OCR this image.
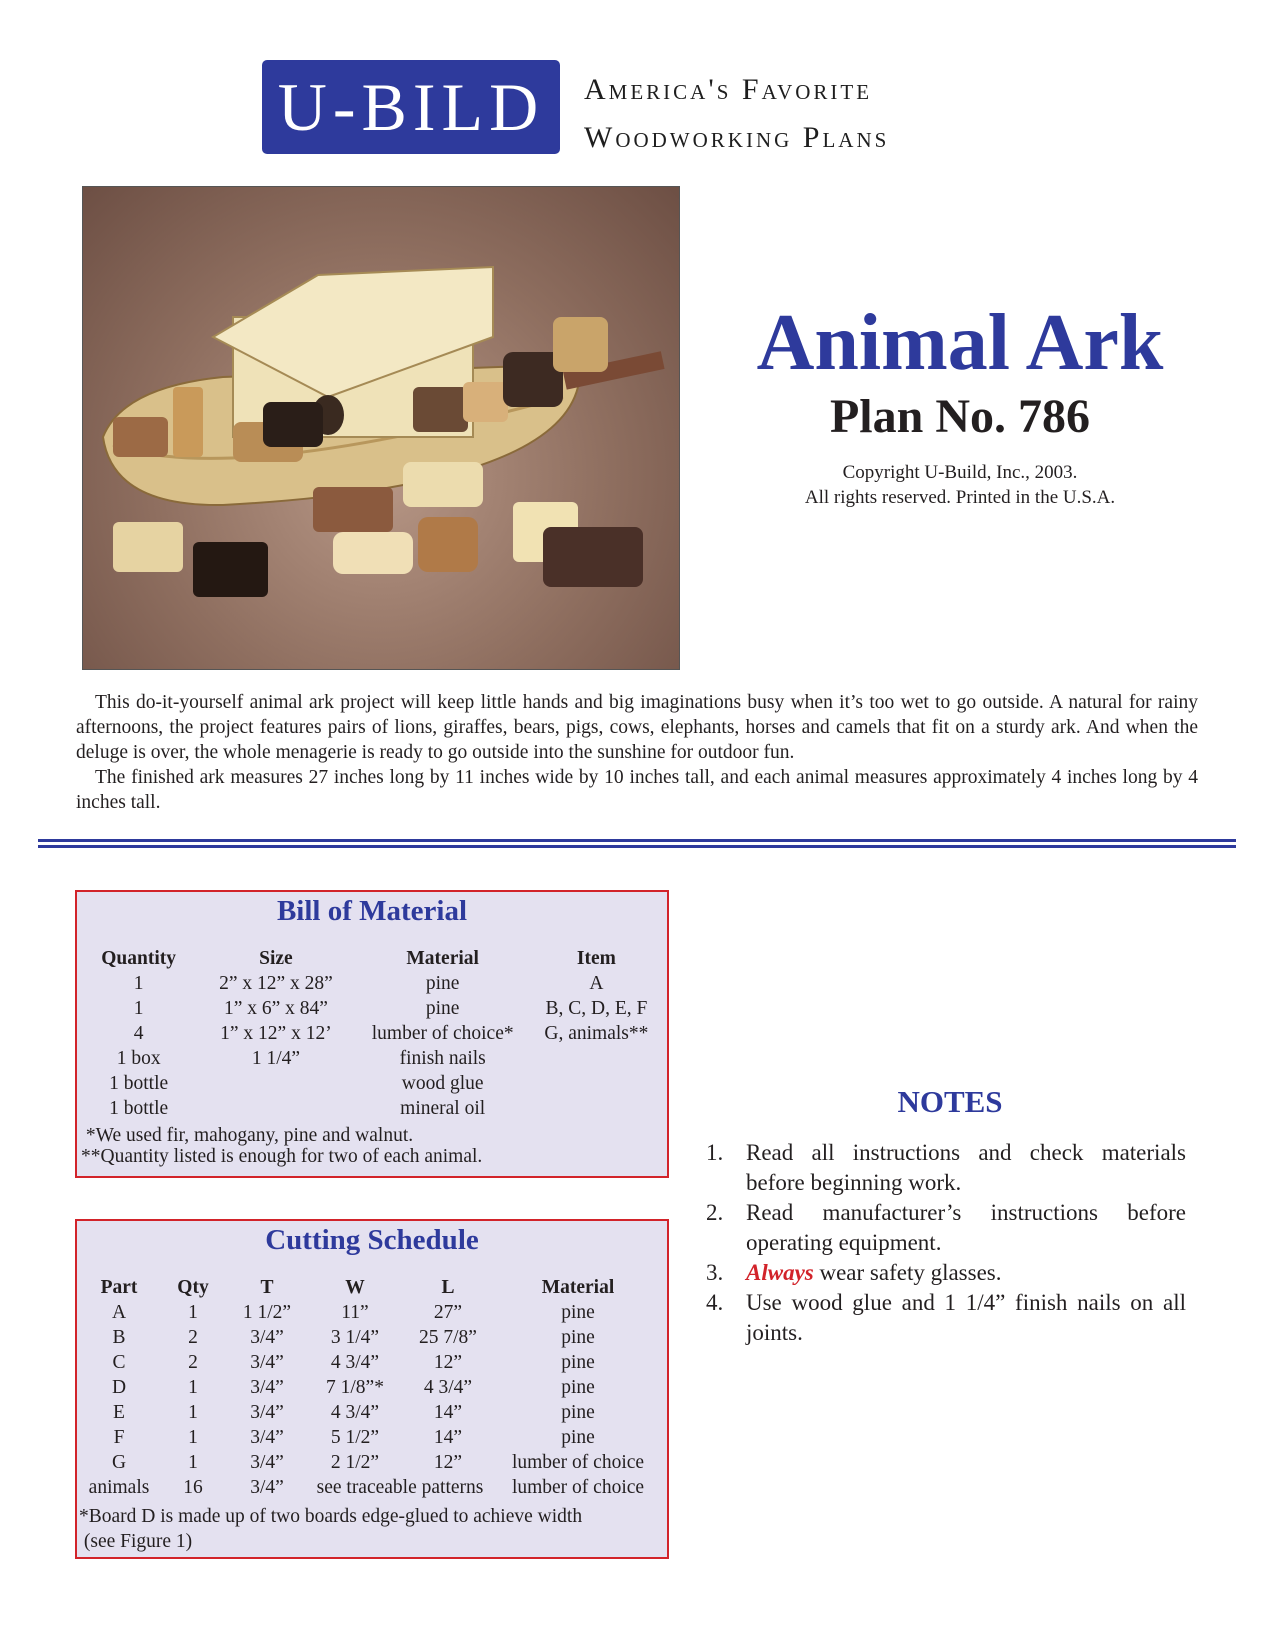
U-BILD America's Favorite
Woodworking Plans
Animal Ark
Plan No. 786
Copyright U-Build, Inc., 2003.
All rights reserved. Printed in the U.S.A.

This do-it-yourself animal ark project will keep little hands and big imaginations busy when it’s too wet to go outside. A natural for rainy afternoons, the project features pairs of lions, giraffes, bears, pigs, cows, elephants, horses and camels that fit on a sturdy ark. And when the deluge is over, the whole menagerie is ready to go outside into the sunshine for outdoor fun.

The finished ark measures 27 inches long by 11 inches wide by 10 inches tall, and each animal measures approximately 4 inches long by 4 inches tall.

Bill of Material
Quantity	Size	Material	Item
1	2” x 12” x 28”	pine	A
1	1” x 6” x 84”	pine	B, C, D, E, F
4	1” x 12” x 12’	lumber of choice*	G, animals**
1 box	1 1/4”	finish nails	
1 bottle		wood glue	
1 bottle		mineral oil	
*We used fir, mahogany, pine and walnut.
**Quantity listed is enough for two of each animal.
Cutting Schedule
Part	Qty	T	W	L	Material
A	1	1 1/2”	11”	27”	pine
B	2	3/4”	3 1/4”	25 7/8”	pine
C	2	3/4”	4 3/4”	12”	pine
D	1	3/4”	7 1/8”*	4 3/4”	pine
E	1	3/4”	4 3/4”	14”	pine
F	1	3/4”	5 1/2”	14”	pine
G	1	3/4”	2 1/2”	12”	lumber of choice
animals	16	3/4”	see traceable patterns		lumber of choice
*Board D is made up of two boards edge-glued to achieve width
(see Figure 1)
NOTES
1. Read all instructions and check materials before beginning work.
2. Read manufacturer’s instructions before operating equipment.
3. Always wear safety glasses.
4. Use wood glue and 1 1/4” finish nails on all joints.
